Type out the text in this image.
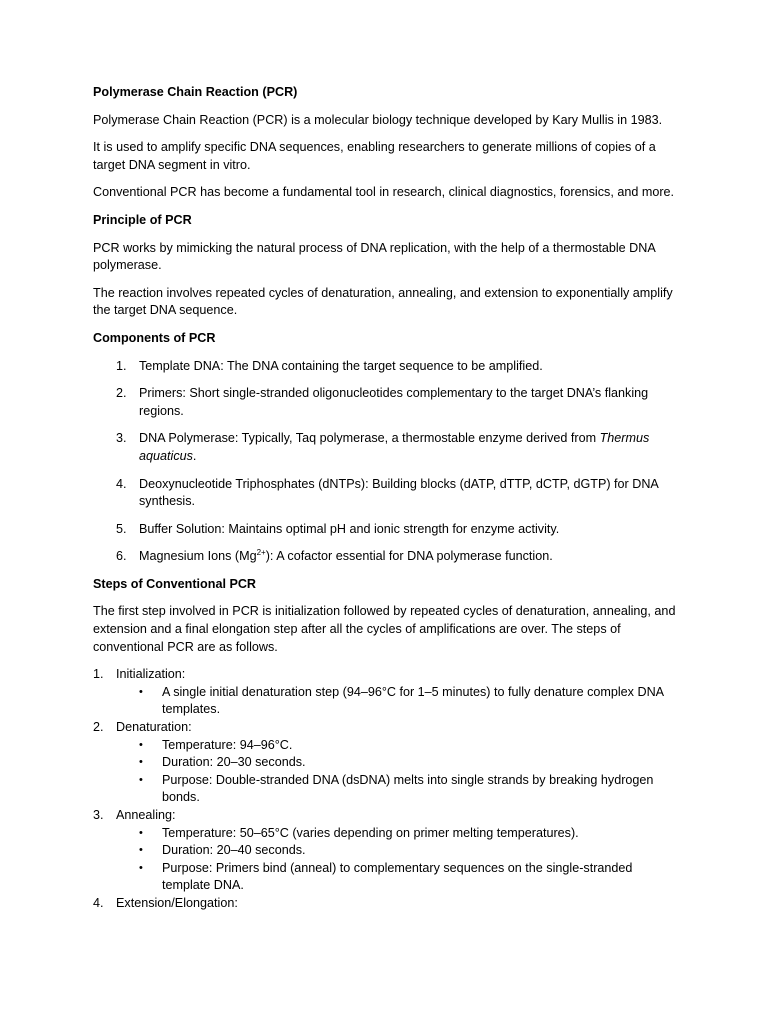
Polymerase Chain Reaction (PCR)
Polymerase Chain Reaction (PCR) is a molecular biology technique developed by Kary Mullis in 1983.
It is used to amplify specific DNA sequences, enabling researchers to generate millions of copies of a target DNA segment in vitro.
Conventional PCR has become a fundamental tool in research, clinical diagnostics, forensics, and more.
Principle of PCR
PCR works by mimicking the natural process of DNA replication, with the help of a thermostable DNA polymerase.
The reaction involves repeated cycles of denaturation, annealing, and extension to exponentially amplify the target DNA sequence.
Components of PCR
1. Template DNA: The DNA containing the target sequence to be amplified.
2. Primers: Short single-stranded oligonucleotides complementary to the target DNA’s flanking regions.
3. DNA Polymerase: Typically, Taq polymerase, a thermostable enzyme derived from Thermus aquaticus.
4. Deoxynucleotide Triphosphates (dNTPs): Building blocks (dATP, dTTP, dCTP, dGTP) for DNA synthesis.
5. Buffer Solution: Maintains optimal pH and ionic strength for enzyme activity.
6. Magnesium Ions $(Mg^{2+})$: A cofactor essential for DNA polymerase function.
Steps of Conventional PCR
The first step involved in PCR is initialization followed by repeated cycles of denaturation, annealing, and extension and a final elongation step after all the cycles of amplifications are over. The steps of conventional PCR are as follows.
1. Initialization:
• A single initial denaturation step (94–96°C for 1–5 minutes) to fully denature complex DNA templates.
2. Denaturation:
• Temperature: 94–96°C.
• Duration: 20–30 seconds.
• Purpose: Double-stranded DNA (dsDNA) melts into single strands by breaking hydrogen bonds.
3. Annealing:
• Temperature: 50–65°C (varies depending on primer melting temperatures).
• Duration: 20–40 seconds.
• Purpose: Primers bind (anneal) to complementary sequences on the single-stranded template DNA.
4. Extension/Elongation:
